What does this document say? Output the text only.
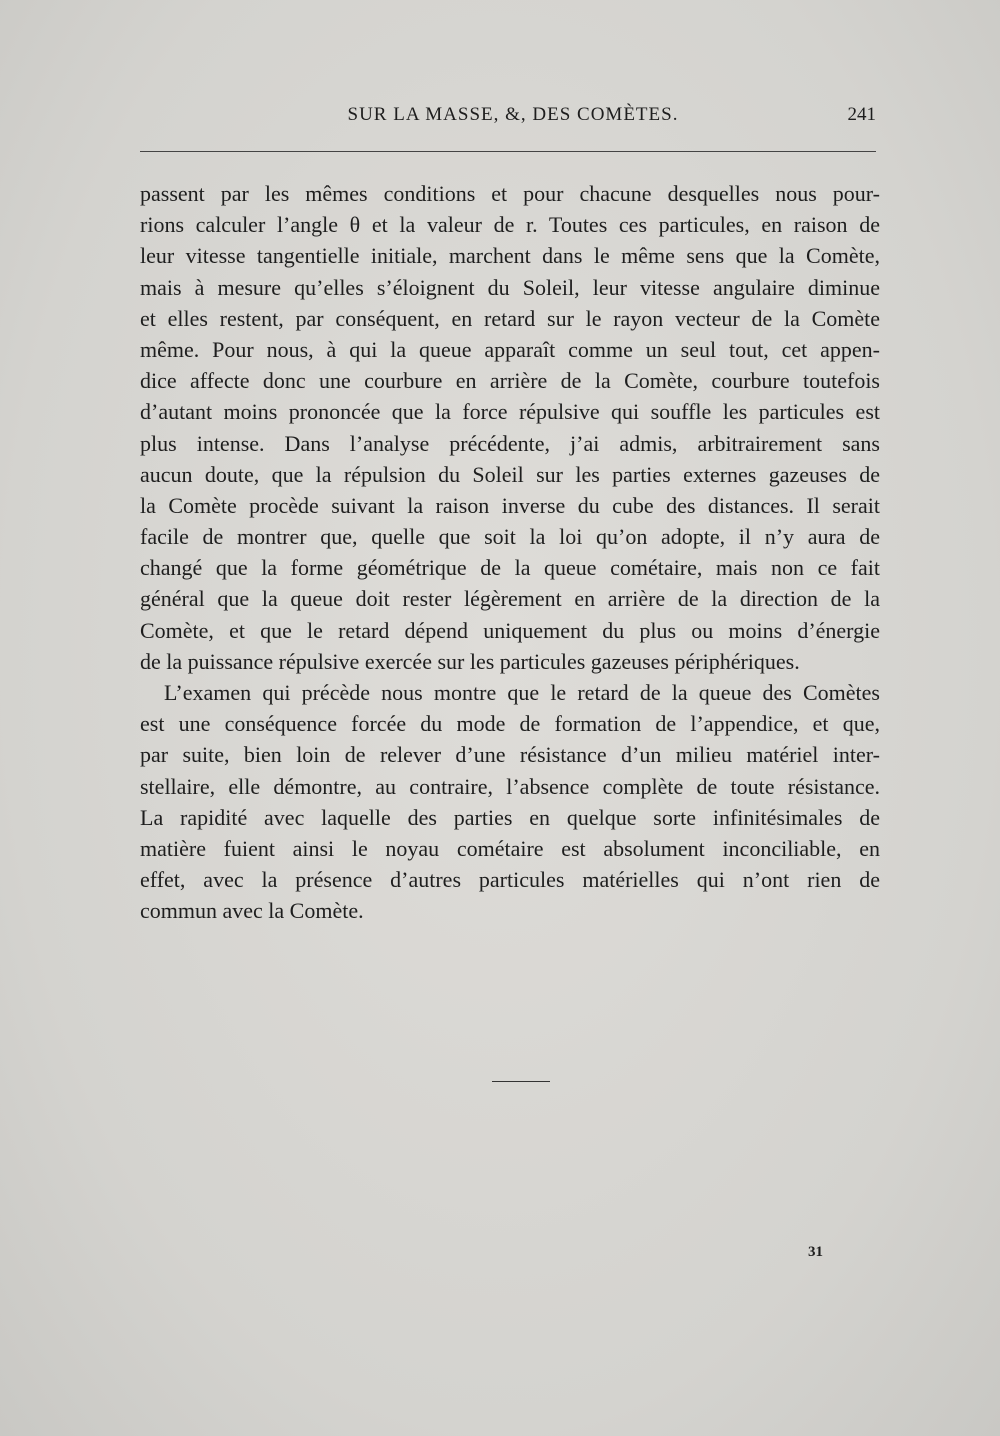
SUR LA MASSE, &, DES COMÈTES.	241
passent par les mêmes conditions et pour chacune desquelles nous pour-
rions calculer l’angle θ et la valeur de r. Toutes ces particules, en raison de
leur vitesse tangentielle initiale, marchent dans le même sens que la Comète,
mais à mesure qu’elles s’éloignent du Soleil, leur vitesse angulaire diminue
et elles restent, par conséquent, en retard sur le rayon vecteur de la Comète
même. Pour nous, à qui la queue apparaît comme un seul tout, cet appen-
dice affecte donc une courbure en arrière de la Comète, courbure toutefois
d’autant moins prononcée que la force répulsive qui souffle les particules est
plus intense. Dans l’analyse précédente, j’ai admis, arbitrairement sans
aucun doute, que la répulsion du Soleil sur les parties externes gazeuses de
la Comète procède suivant la raison inverse du cube des distances. Il serait
facile de montrer que, quelle que soit la loi qu’on adopte, il n’y aura de
changé que la forme géométrique de la queue cométaire, mais non ce fait
général que la queue doit rester légèrement en arrière de la direction de la
Comète, et que le retard dépend uniquement du plus ou moins d’énergie
de la puissance répulsive exercée sur les particules gazeuses périphériques.
L’examen qui précède nous montre que le retard de la queue des Comètes
est une conséquence forcée du mode de formation de l’appendice, et que,
par suite, bien loin de relever d’une résistance d’un milieu matériel inter-
stellaire, elle démontre, au contraire, l’absence complète de toute résistance.
La rapidité avec laquelle des parties en quelque sorte infinitésimales de
matière fuient ainsi le noyau cométaire est absolument inconciliable, en
effet, avec la présence d’autres particules matérielles qui n’ont rien de
commun avec la Comète.
31
